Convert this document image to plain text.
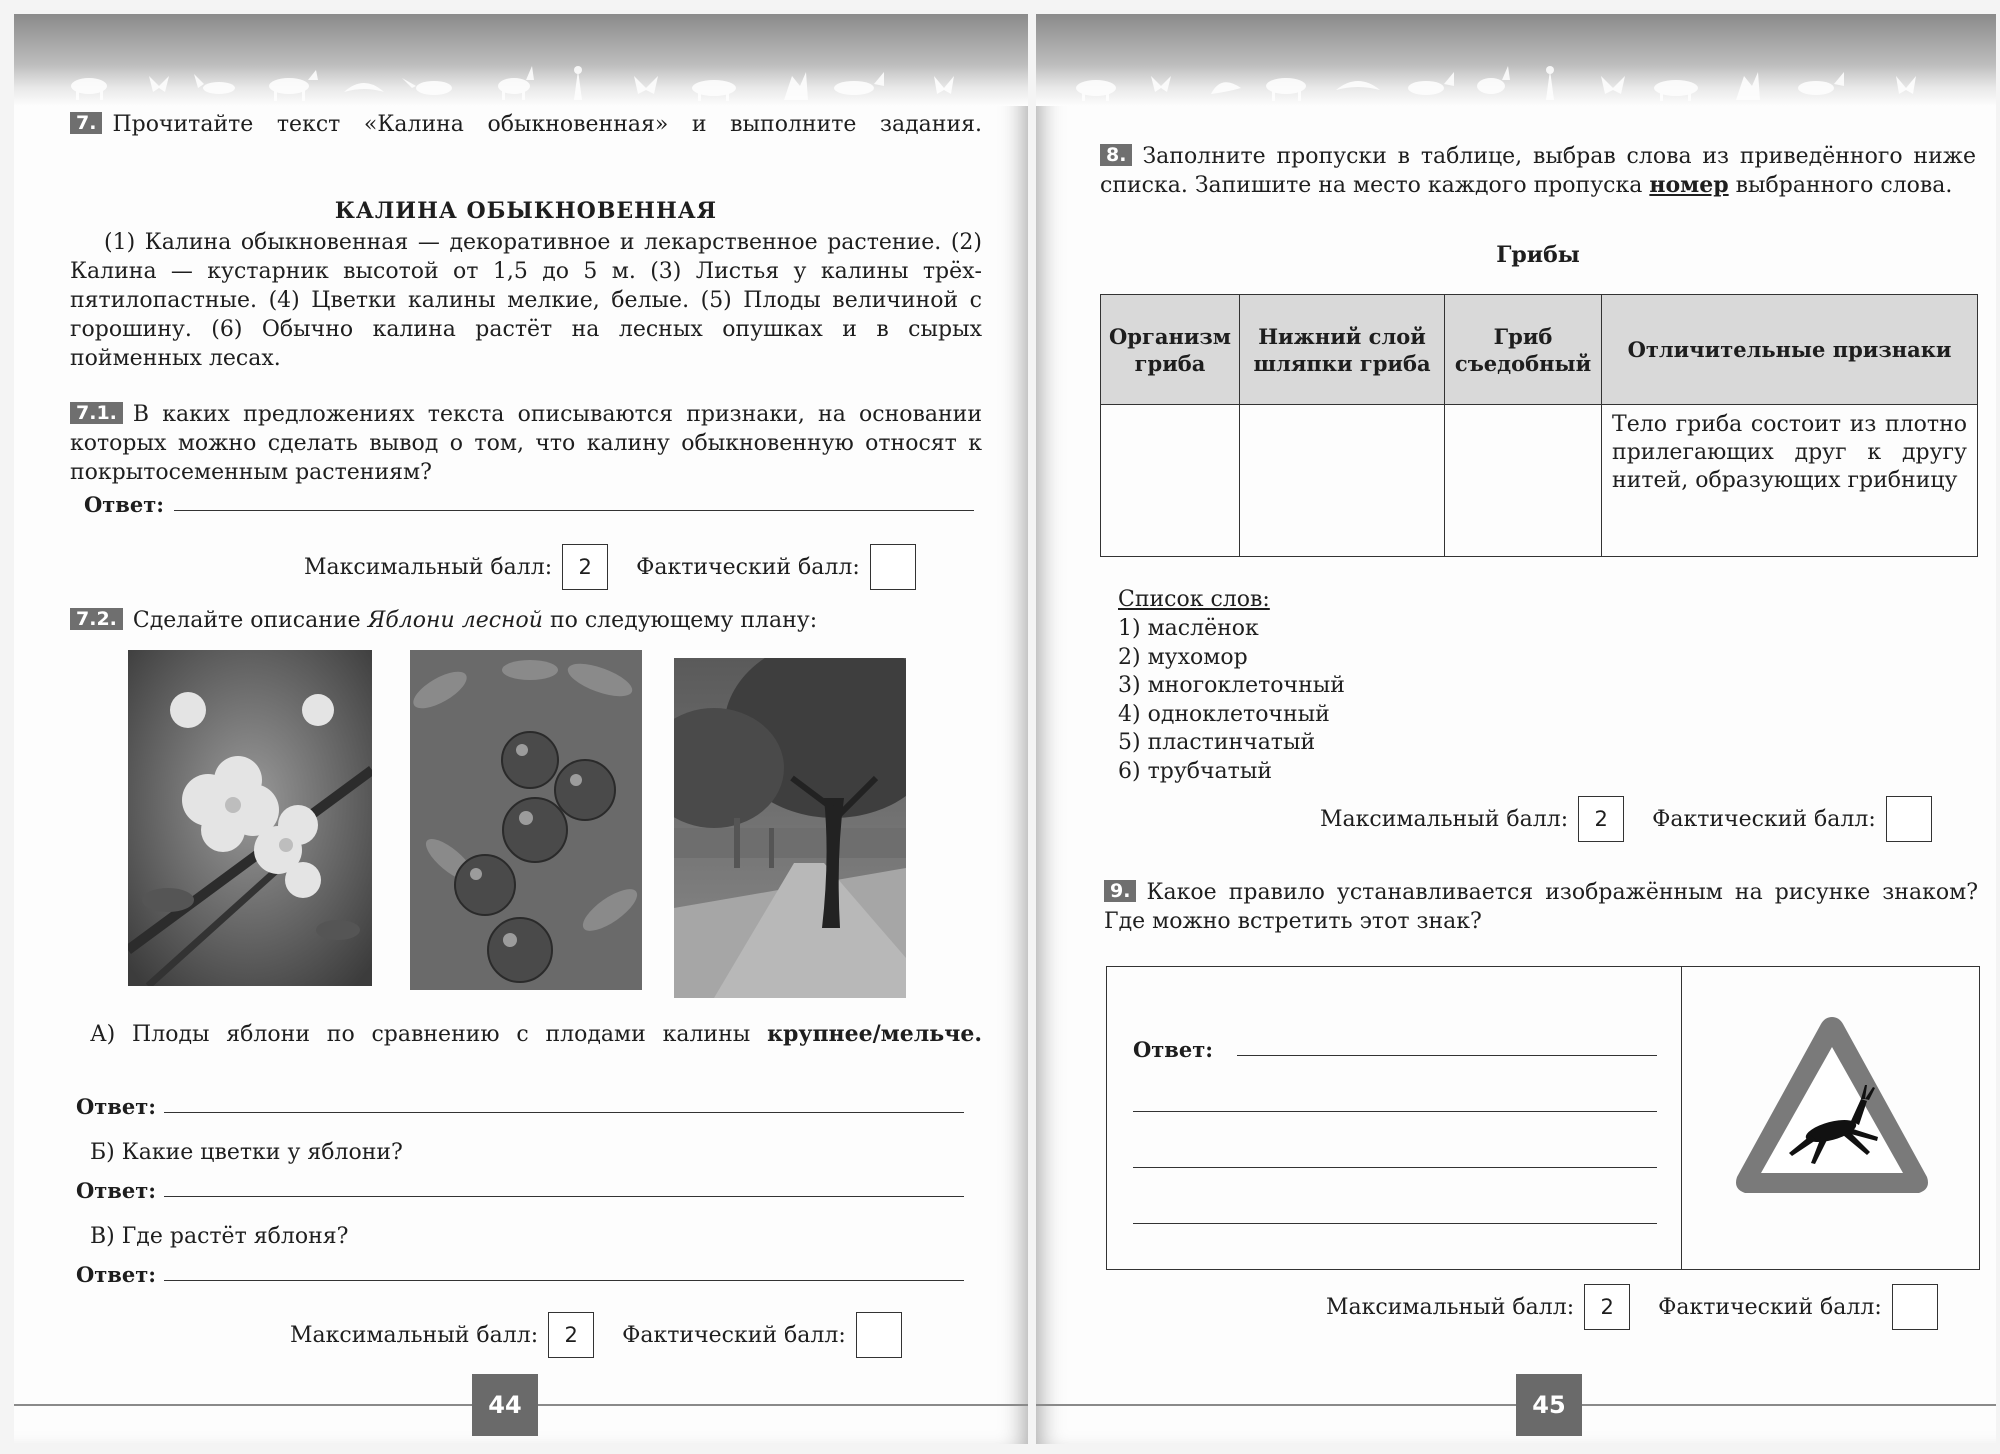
7. Прочитайте текст «Калина обыкновенная» и выполните задания.
КАЛИНА ОБЫКНОВЕННАЯ
(1) Калина обыкновенная — декоративное и лекарственное растение. (2) Калина — кустарник высотой от 1,5 до 5 м. (3) Листья у калины трёх-пятилопастные. (4) Цветки калины мелкие, белые. (5) Плоды величиной с горошину. (6) Обычно калина растёт на лесных опушках и в сырых пойменных лесах.
7.1. В каких предложениях текста описываются признаки, на основании которых можно сделать вывод о том, что калину обыкновенную относят к покрытосеменным растениям?
Ответ:
Максимальный балл:	2	Фактический балл:
7.2. Сделайте описание Яблони лесной по следующему плану:
А) Плоды яблони по сравнению с плодами калины крупнее/мельче.
Ответ:
Б) Какие цветки у яблони?
Ответ:
В) Где растёт яблоня?
Ответ:
Максимальный балл:	2	Фактический балл:
44
8. Заполните пропуски в таблице, выбрав слова из приведённого ниже списка. Запишите на место каждого пропуска номер выбранного слова.
Грибы
Организм гриба	Нижний слой шляпки гриба	Гриб съедобный	Отличительные признаки
			Тело гриба состоит из плотно прилегающих друг к другу нитей, образующих грибницу
Список слов:
1) маслёнок
2) мухомор
3) многоклеточный
4) одноклеточный
5) пластинчатый
6) трубчатый
Максимальный балл:	2	Фактический балл:
9. Какое правило устанавливается изображённым на рисунке знаком? Где можно встретить этот знак?
Ответ:
Максимальный балл:	2	Фактический балл:
45
